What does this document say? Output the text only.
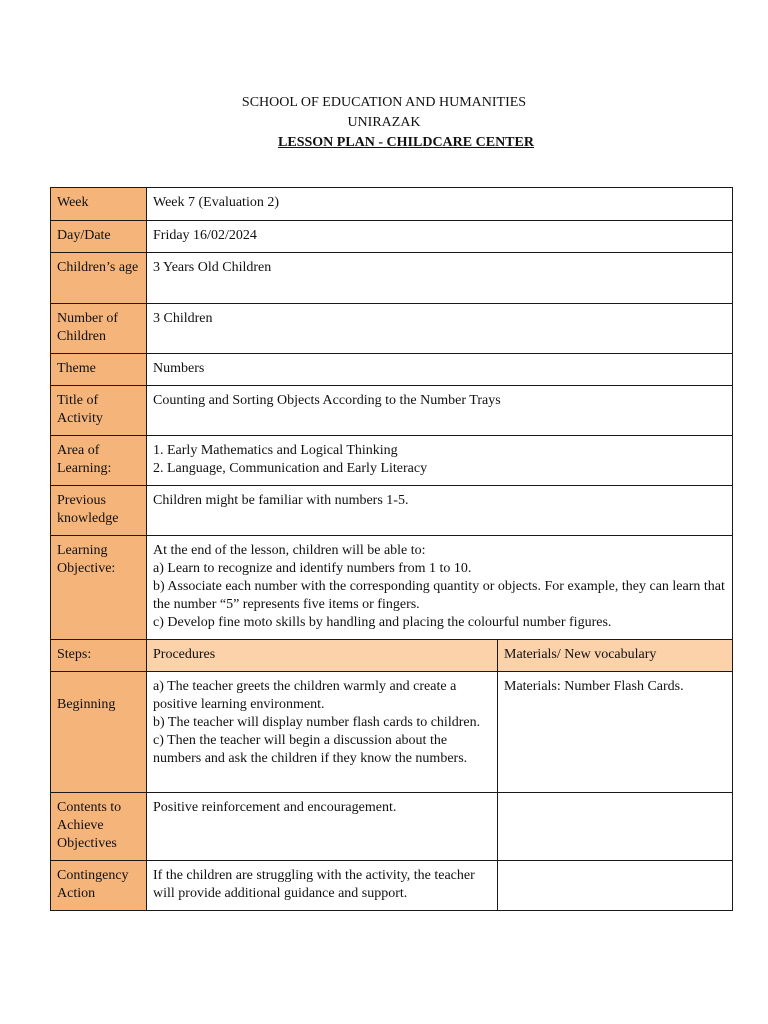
SCHOOL OF EDUCATION AND HUMANITIES
UNIRAZAK
LESSON PLAN - CHILDCARE CENTER
Week	Week 7 (Evaluation 2)	
Day/Date	Friday 16/02/2024	
Children’s age	3 Years Old Children	
Number of Children	3 Children	
Theme	Numbers	
Title of Activity	Counting and Sorting Objects According to the Number Trays	
Area of Learning:	1. Early Mathematics and Logical Thinking
2. Language, Communication and Early Literacy	

Previous knowledge	Children might be familiar with numbers 1-5.	
Learning Objective:	At the end of the lesson, children will be able to:
a) Learn to recognize and identify numbers from 1 to 10.
b) Associate each number with the corresponding quantity or objects. For example, they can learn that the number “5” represents five items or fingers.
c) Develop fine moto skills by handling and placing the colourful number figures.	

Steps:	Procedures	Materials/ New vocabulary
Beginning	a) The teacher greets the children warmly and create a positive learning environment.
b) The teacher will display number flash cards to children.
c) Then the teacher will begin a discussion about the numbers and ask the children if they know the numbers.	Materials: Number Flash Cards.
Contents to Achieve Objectives	Positive reinforcement and encouragement.	
Contingency Action	If the children are struggling with the activity, the teacher will provide additional guidance and support.	
